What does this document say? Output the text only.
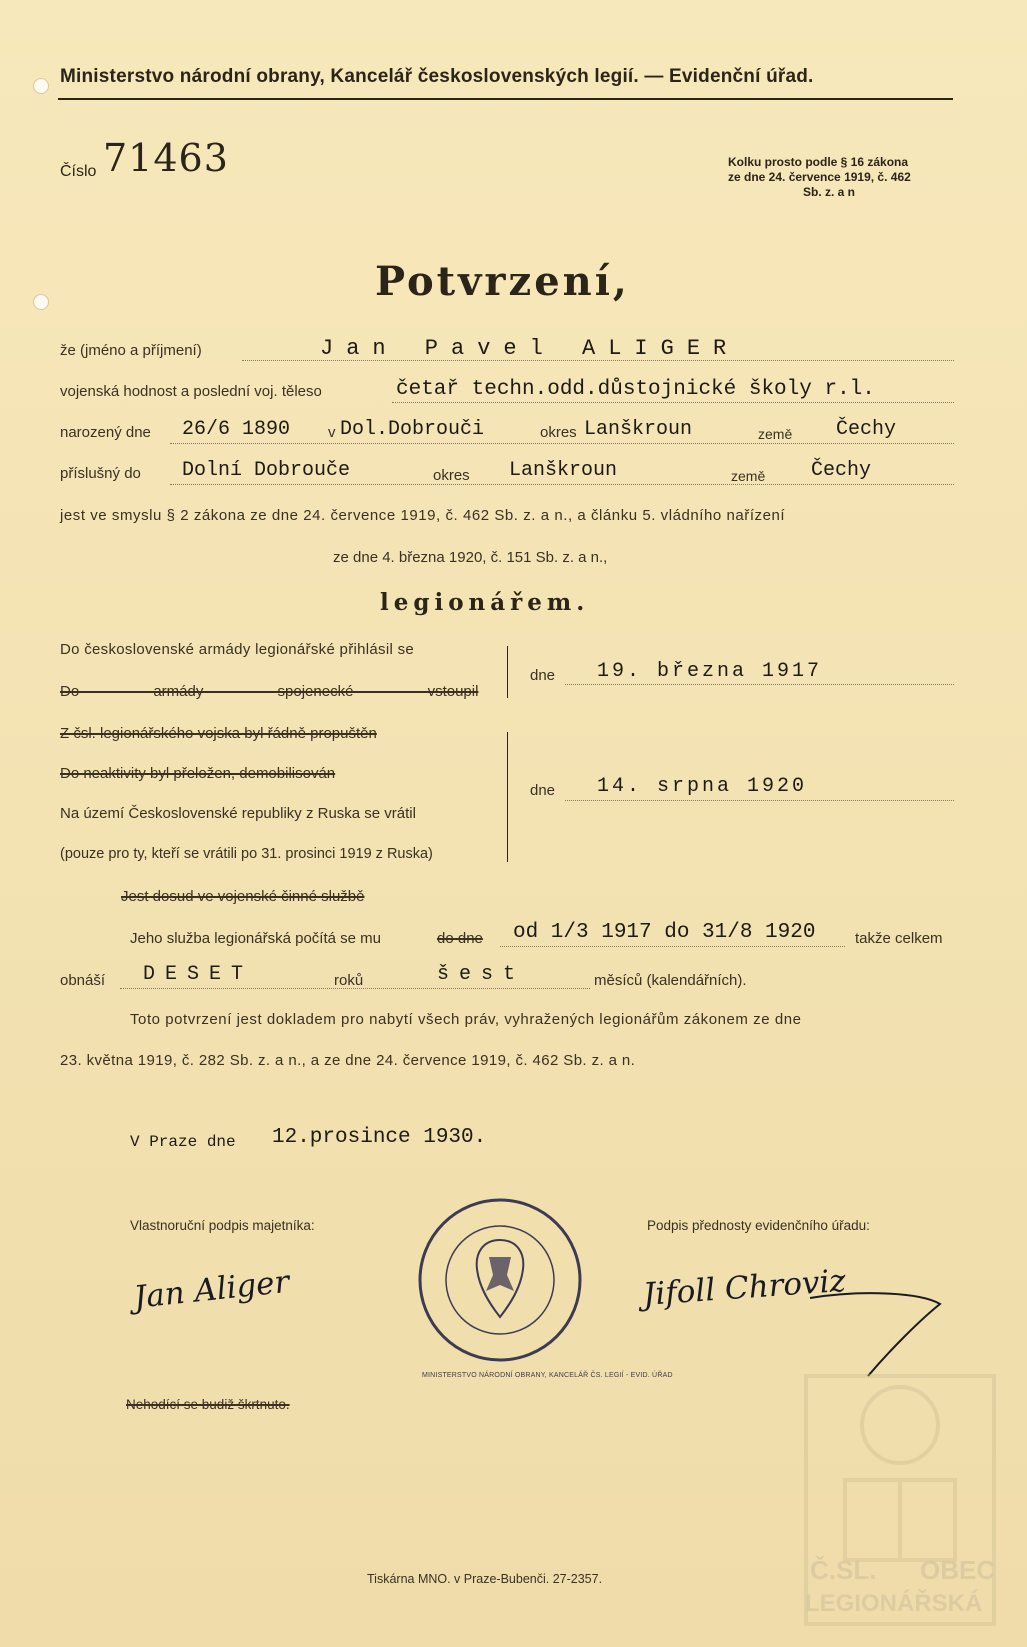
Ministerstvo národní obrany, Kancelář československých legií. — Evidenční úřad.
Číslo 71463	Kolku prosto podle § 16 zákona
ze dne 24. července 1919, č. 462
Sb. z. a n
Potvrzení,
že (jméno a příjmení)	Jan Pavel ALIGER
vojenská hodnost a poslední voj. těleso	četař techn.odd.důstojnické školy r.l.
narozený dne 26/6 1890	v Dol.Dobrouči	okres Lanškroun	země Čechy
příslušný do Dolní Dobrouče	okres Lanškroun	země Čechy
jest ve smyslu § 2 zákona ze dne 24. července 1919, č. 462 Sb. z. a n., a článku 5. vládního nařízení
ze dne 4. března 1920, č. 151 Sb. z. a n.,
legionářem.
Do československé armády legionářské přihlásil se
Do armády spojenecké vstoupil
dne 19. března 1917
Z čsl. legionářského vojska byl řádně propuštěn
Do neaktivity byl přeložen, demobilisován
Na území Československé republiky z Ruska se vrátil
(pouze pro ty, kteří se vrátili po 31. prosinci 1919 z Ruska)
dne 14. srpna 1920
Jest dosud ve vojenské činné službě
Jeho služba legionářská počítá se mu	do dne od 1/3 1917 do 31/8 1920	takže celkem
obnáší DESET	roků	šest	měsíců (kalendářních).
Toto potvrzení jest dokladem pro nabytí všech práv, vyhražených legionářům zákonem ze dne
23. května 1919, č. 282 Sb. z. a n., a ze dne 24. července 1919, č. 462 Sb. z. a n.
V Praze dne 12.prosince 1930.
Vlastnoruční podpis majetníka:
Jan Aliger
Podpis přednosty evidenčního úřadu:
Jifoll Chroviz
MINISTERSTVO NÁRODNÍ OBRANY, KANCELÁŘ ČS. LEGIÍ - EVID. ÚŘAD
Nehodící se budiž škrtnuto.
Tiskárna MNO. v Praze-Bubenči. 27-2357.	Č.SL. OBEC
LEGIONÁŘSKÁ
